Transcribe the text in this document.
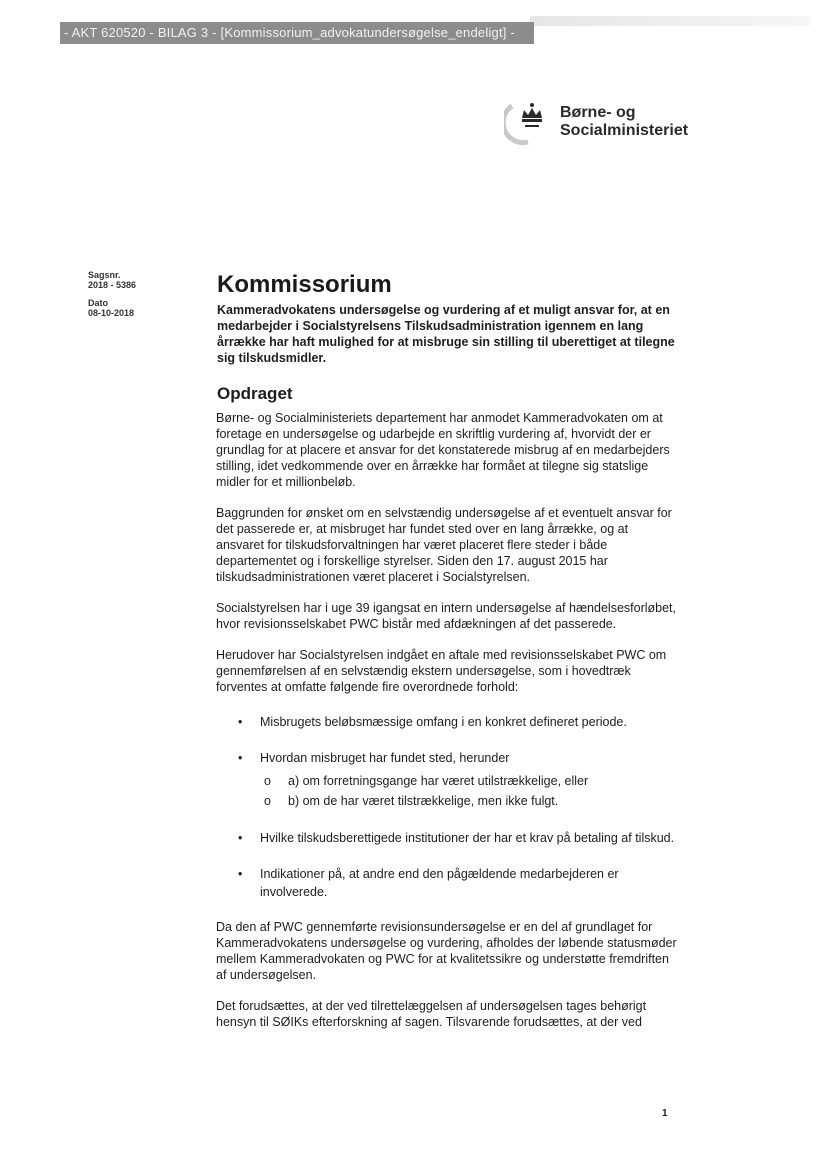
- AKT 620520 - BILAG 3 - [Kommissorium_advokatundersøgelse_endeligt] -
Børne- og
Socialministeriet
Sagsnr.
2018 - 5386
Dato
08-10-2018
Kommissorium

Kammeradvokatens undersøgelse og vurdering af et muligt ansvar for, at en medarbejder i Socialstyrelsens Tilskudsadministration igennem en lang årrække har haft mulighed for at misbruge sin stilling til uberettiget at tilegne sig tilskudsmidler.

Opdraget

Børne- og Socialministeriets departement har anmodet Kammeradvokaten om at foretage en undersøgelse og udarbejde en skriftlig vurdering af, hvorvidt der er grundlag for at placere et ansvar for det konstaterede misbrug af en medarbejders stilling, idet vedkommende over en årrække har formået at tilegne sig statslige midler for et millionbeløb.

Baggrunden for ønsket om en selvstændig undersøgelse af et eventuelt ansvar for det passerede er, at misbruget har fundet sted over en lang årrække, og at ansvaret for tilskudsforvaltningen har været placeret flere steder i både departementet og i forskellige styrelser. Siden den 17. august 2015 har tilskudsadministrationen været placeret i Socialstyrelsen.

Socialstyrelsen har i uge 39 igangsat en intern undersøgelse af hændelsesforløbet, hvor revisionsselskabet PWC bistår med afdækningen af det passerede.

Herudover har Socialstyrelsen indgået en aftale med revisionsselskabet PWC om gennemførelsen af en selvstændig ekstern undersøgelse, som i hovedtræk forventes at omfatte følgende fire overordnede forhold:

• Misbrugets beløbsmæssige omfang i en konkret defineret periode.
• Hvordan misbruget har fundet sted, herunder
o a) om forretningsgange har været utilstrækkelige, eller
o b) om de har været tilstrækkelige, men ikke fulgt.
• Hvilke tilskudsberettigede institutioner der har et krav på betaling af tilskud.
• Indikationer på, at andre end den pågældende medarbejderen er involverede.

Da den af PWC gennemførte revisionsundersøgelse er en del af grundlaget for Kammeradvokatens undersøgelse og vurdering, afholdes der løbende statusmøder mellem Kammeradvokaten og PWC for at kvalitetssikre og understøtte fremdriften af undersøgelsen.

Det forudsættes, at der ved tilrettelæggelsen af undersøgelsen tages behørigt hensyn til SØIKs efterforskning af sagen. Tilsvarende forudsættes, at der ved

1
